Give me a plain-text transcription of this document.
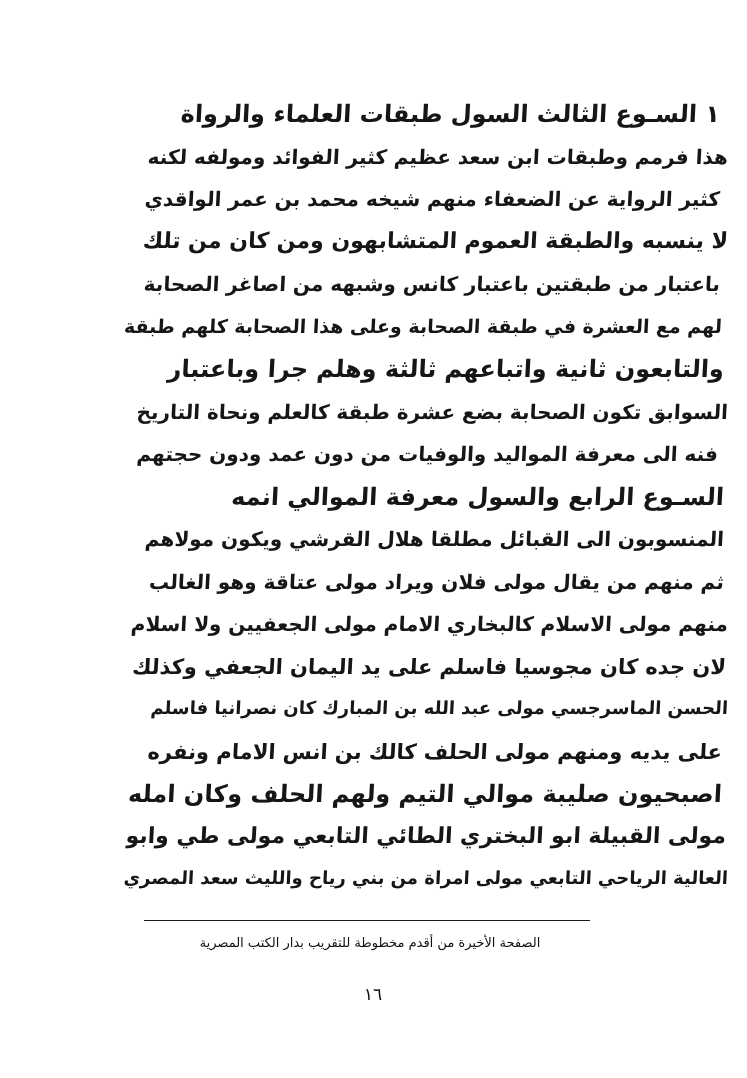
١ السـوع الثالث السول طبقات العلماء والرواة
هذا فرمم وطبقات ابن سعد عظيم كثير الفوائد ومولفه لكنه
كثير الرواية عن الضعفاء منهم شيخه محمد بن عمر الواقدي
لا ينسبه والطبقة العموم المتشابهون ومن كان من تلك
باعتبار من طبقتين باعتبار كانس وشبهه من اصاغر الصحابة
لهم مع العشرة في طبقة الصحابة وعلى هذا الصحابة كلهم طبقة
والتابعون ثانية واتباعهم ثالثة وهلم جرا وباعتبار
السوابق تكون الصحابة بضع عشرة طبقة كالعلم ونحاة التاريخ
فنه الى معرفة المواليد والوفيات من دون عمد ودون حجتهم
السـوع الرابع والسول معرفة الموالي انمه
المنسوبون الى القبائل مطلقا هلال القرشي ويكون مولاهم
ثم منهم من يقال مولى فلان ويراد مولى عتاقة وهو الغالب
منهم مولى الاسلام كالبخاري الامام مولى الجعفيين ولا اسلام
لان جده كان مجوسيا فاسلم على يد اليمان الجعفي وكذلك
الحسن الماسرجسي مولى عبد الله بن المبارك كان نصرانيا فاسلم
على يديه ومنهم مولى الحلف كالك بن انس الامام ونفره
اصبحيون صليبة موالي التيم ولهم الحلف وكان امله
مولى القبيلة ابو البختري الطائي التابعي مولى طي وابو
العالية الرياحي التابعي مولى امراة من بني رياح والليث سعد المصري
الصفحة الأخيرة من أقدم مخطوطة للتقريب بدار الكتب المصرية
١٦
